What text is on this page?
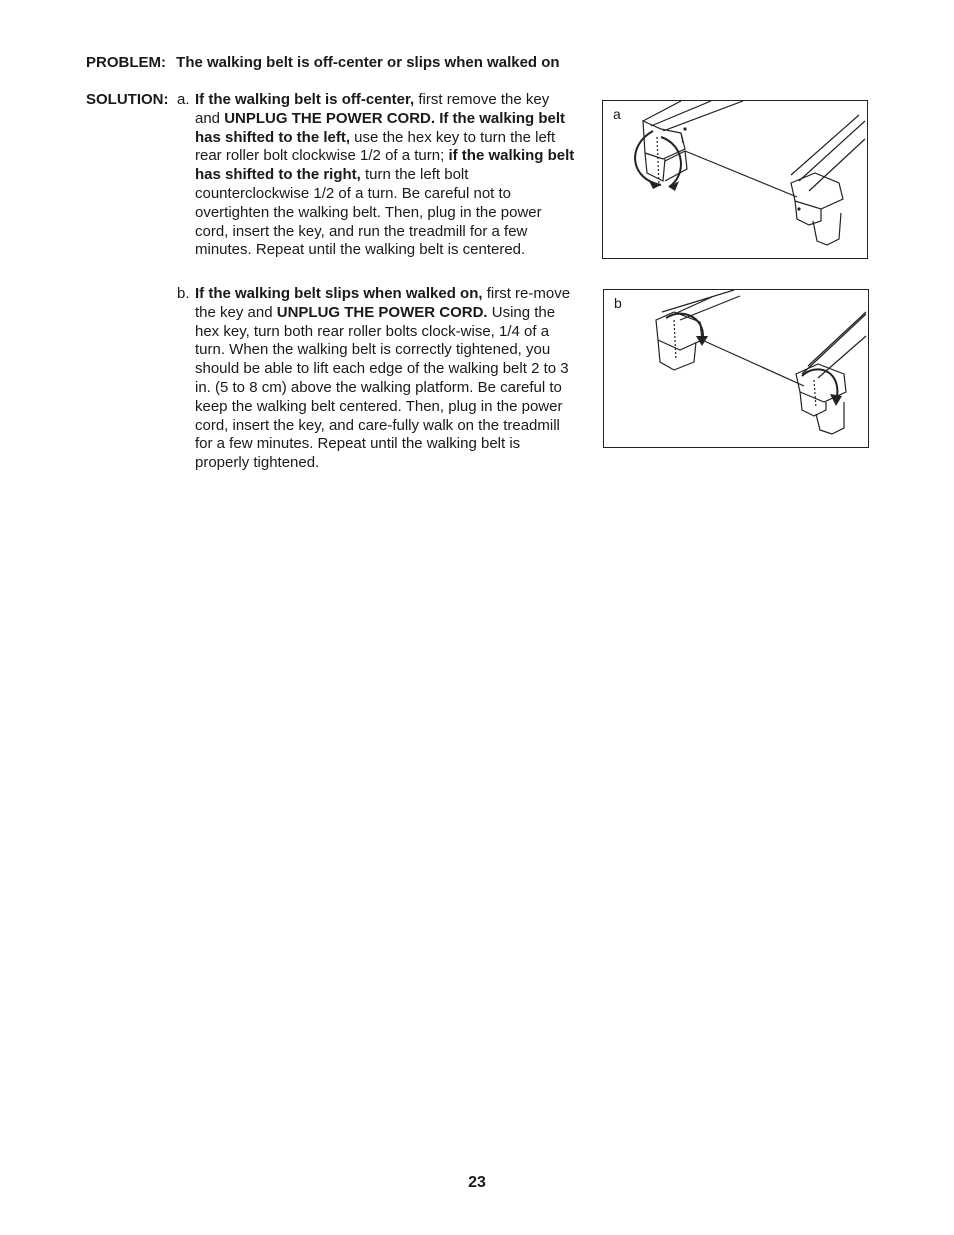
PROBLEM: The walking belt is off-center or slips when walked on
SOLUTION: a. If the walking belt is off-center, first remove the key and UNPLUG THE POWER CORD. If the walking belt has shifted to the left, use the hex key to turn the left rear roller bolt clockwise 1/2 of a turn; if the walking belt has shifted to the right, turn the left bolt counterclockwise 1/2 of a turn. Be careful not to overtighten the walking belt. Then, plug in the power cord, insert the key, and run the treadmill for a few minutes. Repeat until the walking belt is centered.
b. If the walking belt slips when walked on, first re-move the key and UNPLUG THE POWER CORD. Using the hex key, turn both rear roller bolts clock-wise, 1/4 of a turn. When the walking belt is correctly tightened, you should be able to lift each edge of the walking belt 2 to 3 in. (5 to 8 cm) above the walking platform. Be careful to keep the walking belt centered. Then, plug in the power cord, insert the key, and care-fully walk on the treadmill for a few minutes. Repeat until the walking belt is properly tightened.
a
b
23
